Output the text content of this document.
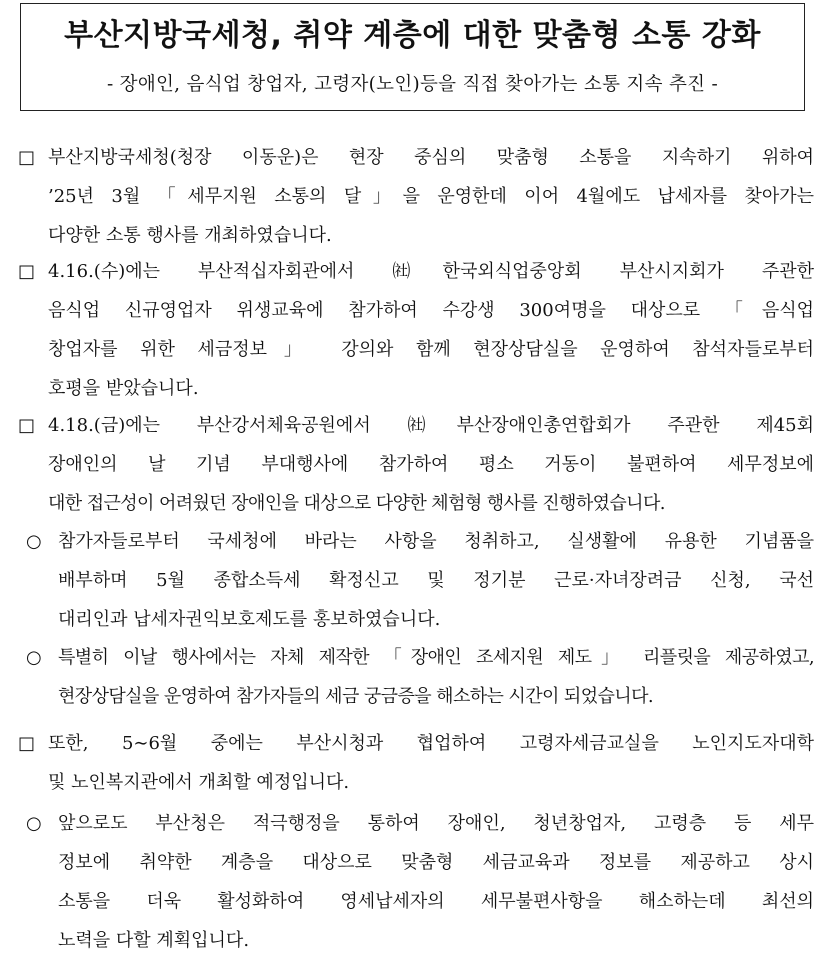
부산지방국세청, 취약 계층에 대한 맞춤형 소통 강화
- 장애인, 음식업 창업자, 고령자(노인)등을 직접 찾아가는 소통 지속 추진 -
□ 부산지방국세청(청장 이동운)은 현장 중심의 맞춤형 소통을 지속하기 위하여
’25년 3월 「세무지원 소통의 달」을 운영한데 이어 4월에도 납세자를 찾아가는
다양한 소통 행사를 개최하였습니다.
□ 4.16.(수)에는 부산적십자회관에서 ㈳한국외식업중앙회 부산시지회가 주관한
음식업 신규영업자 위생교육에 참가하여 수강생 300여명을 대상으로 「음식업
창업자를 위한 세금정보」 강의와 함께 현장상담실을 운영하여 참석자들로부터
호평을 받았습니다.
□ 4.18.(금)에는 부산강서체육공원에서 ㈳부산장애인총연합회가 주관한 제45회
장애인의 날 기념 부대행사에 참가하여 평소 거동이 불편하여 세무정보에
대한 접근성이 어려웠던 장애인을 대상으로 다양한 체험형 행사를 진행하였습니다.
○ 참가자들로부터 국세청에 바라는 사항을 청취하고, 실생활에 유용한 기념품을
배부하며 5월 종합소득세 확정신고 및 정기분 근로·자녀장려금 신청, 국선
대리인과 납세자권익보호제도를 홍보하였습니다.
○ 특별히 이날 행사에서는 자체 제작한 「장애인 조세지원 제도」 리플릿을 제공하였고,
현장상담실을 운영하여 참가자들의 세금 궁금증을 해소하는 시간이 되었습니다.
□ 또한, 5∼6월 중에는 부산시청과 협업하여 고령자세금교실을 노인지도자대학
및 노인복지관에서 개최할 예정입니다.
○ 앞으로도 부산청은 적극행정을 통하여 장애인, 청년창업자, 고령층 등 세무
정보에 취약한 계층을 대상으로 맞춤형 세금교육과 정보를 제공하고 상시
소통을 더욱 활성화하여 영세납세자의 세무불편사항을 해소하는데 최선의
노력을 다할 계획입니다.
